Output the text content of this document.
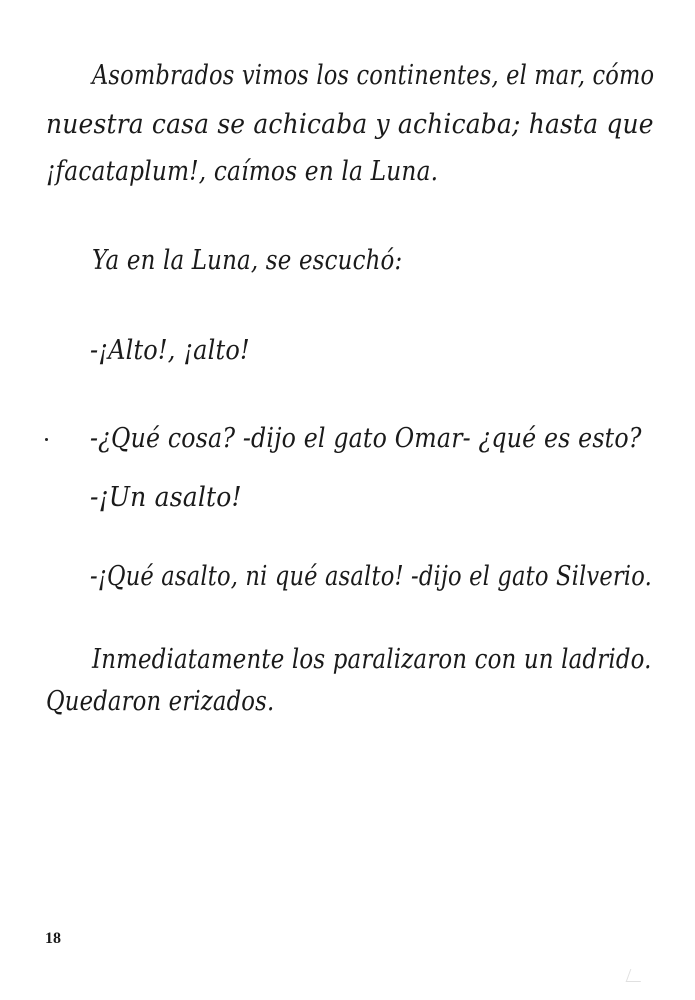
Asombrados vimos los continentes, el mar, cómo
nuestra casa se achicaba y achicaba; hasta que
¡facataplum!, caímos en la Luna.
Ya en la Luna, se escuchó:
-¡Alto!, ¡alto!
-¿Qué cosa? -dijo el gato Omar- ¿qué es esto?
-¡Un asalto!
-¡Qué asalto, ni qué asalto! -dijo el gato Silverio.
Inmediatamente los paralizaron con un ladrido.
Quedaron erizados.
18
